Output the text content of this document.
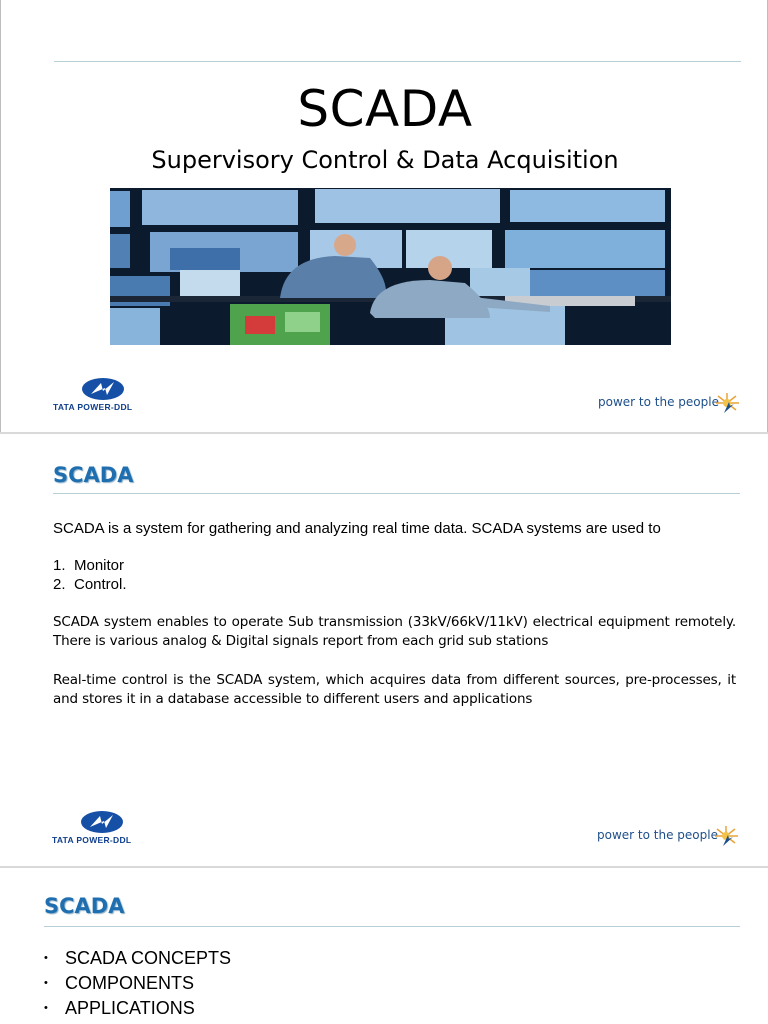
SCADA
Supervisory Control & Data Acquisition
TATA POWER-DDL	power to the people
SCADA
SCADA is a system for gathering and analyzing real time data. SCADA systems are used to
1. Monitor
2. Control.
SCADA system enables to operate Sub transmission (33kV/66kV/11kV) electrical equipment remotely. There is various analog & Digital signals report from each grid sub stations
Real-time control is the SCADA system, which acquires data from different sources, pre-processes, it and stores it in a database accessible to different users and applications
TATA POWER-DDL	power to the people
SCADA
• SCADA CONCEPTS
• COMPONENTS
• APPLICATIONS
